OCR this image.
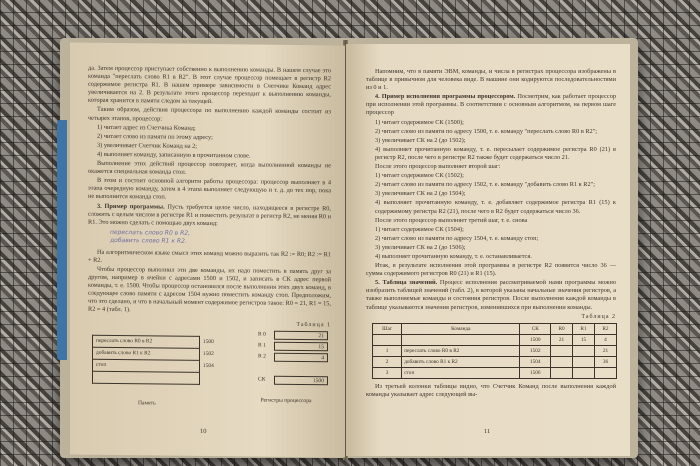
да. Затем процессор приступает собственно к выполнению команды. В нашем случае это команда "переслать слово R1 в R2". В этот случае процессор помещает в регистр R2 содержимое регистра R1. В нашем примере зависимости в Счетчике Команд адрес увеличивается на 2. В результате этого процессор переходит к выполнению команды, которая хранится в памяти следом за текущей.

Таким образом, действия процессора по выполнению каждой команды состоят из четырех этапов, процессор:

1) читает адрес из Счетчика Команд;

2) читает слово из памяти по этому адресу;

3) увеличивает Счетчик Команд на 2;

4) выполняет команду, записанную в прочитанном слове.

Выполнение этих действий процессор повторяет, когда выполненной команды не окажется специальная команда стоп.

В этом и состоит основной алгоритм работы процессора: процессор выполняет в 4 этапа очередную команду, затем в 4 этапа выполняет следующую и т. д. до тех пор, пока не выполнится команда стоп.

3. Пример программы. Пусть требуется целое число, находящееся в регистре R0, сложить с целым числом в регистре R1 и поместить результат в регистр R2, не меняя R0 и R1. Это можно сделать с помощью двух команд:

переслать слово R0 в R2,
добавить слово R1 к R2.

На алгоритмическом языке смысл этих команд можно выразить так R2 := R0; R2 := R1 + R2.

Чтобы процессор выполнил эти две команды, их надо поместить в память друг за другом, например в ячейки с адресами 1500 и 1502, и записать в СК адрес первой команды, т. е. 1500. Чтобы процессор остановился после выполнения этих двух команд, в следующее слово памяти с адресом 1504 нужно поместить команду стоп. Предположим, что это сделано, и что в начальный момент содержимое регистров такое: R0 = 21, R1 = 15, R2 = 4 (табл. 1).

Таблица 1
переслать слово R0 в R2	1500
добавить слово R1 к R2	1502
стоп	1504

R 0	21
R 1	15
R 2	4
СК	1500
Память	Регистры процессора
10

Напомним, что в памяти ЭВМ, команды, и числа в регистрах процессора изображены в таблице в привычном для человека виде. В машине они кодируются последовательностями из 0 и 1.

4. Пример исполнения программы процессором. Посмотрим, как работает процессор при исполнении этой программы. В соответствии с основным алгоритмом, на первом шаге процессор

1) читает содержимое СК (1500);

2) читает слово из памяти по адресу 1500, т. е. команду "переслать слово R0 в R2";

3) увеличивает СК на 2 (до 1502);

4) выполняет прочитанную команду, т. е. пересылает содержимое регистра R0 (21) в регистр R2, после чего в регистре R2 также будет содержаться число 21.

После этого процессор выполняет второй шаг:

1) читает содержимое СК (1502);

2) читает слово из памяти по адресу 1502, т. е. команду "добавить слово R1 к R2";

3) увеличивает СК на 2 (до 1504);

4) выполняет прочитанную команду, т. е. добавляет содержимое регистра R1 (15) к содержимому регистра R2 (21), после чего в R2 будет содержаться число 36.

После этого процессор выполняет третий шаг, т. е. снова

1) читает содержимое СК (1504);

2) читает слово из памяти по адресу 1504, т. е. команду стоп;

3) увеличивает СК на 2 (до 1506);

4) выполняет прочитанную команду, т. е. останавливается.

Итак, в результате исполнения этой программы в регистре R2 появится число 36 — сумма содержимого регистров R0 (21) и R1 (15).

5. Таблица значений. Процесс исполнения рассматриваемой нами программы можно изобразить таблицей значений (табл. 2), в которой указаны начальные значения регистров, а также выполняемые команды и состояния регистров. После выполнения каждой команды в таблице указываются значения регистров, изменившихся при выполнении команды.

Таблица 2
Шаг	Команда	СК	R0	R1	R2
		1500	21	15	4
1	переслать слово R0 в R2	1502			21
2	добавить слово R1 к R2	1504			36
3	стоп	1506			

Из третьей колонки таблицы видно, что Счетчик Команд после выполнения каждой команды указывает адрес следующей вы-

11
